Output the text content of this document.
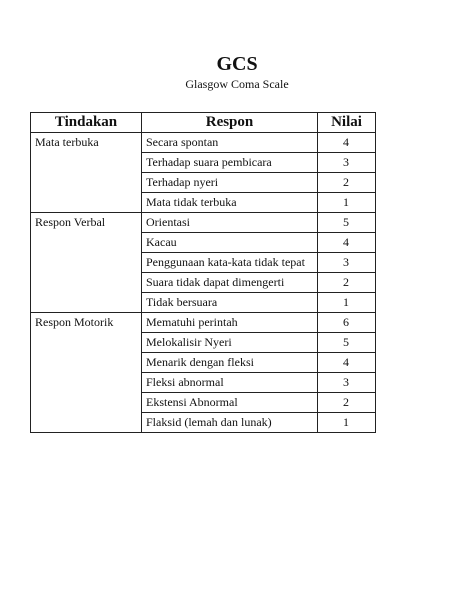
GCS
Glasgow Coma Scale
Tindakan	Respon	Nilai
Mata terbuka	Secara spontan	4
	Terhadap suara pembicara	3
	Terhadap nyeri	2
	Mata tidak terbuka	1
Respon Verbal	Orientasi	5
	Kacau	4
	Penggunaan kata-kata tidak tepat	3
	Suara tidak dapat dimengerti	2
	Tidak bersuara	1
Respon Motorik	Mematuhi perintah	6
	Melokalisir Nyeri	5
	Menarik dengan fleksi	4
	Fleksi abnormal	3
	Ekstensi Abnormal	2
	Flaksid (lemah dan lunak)	1
